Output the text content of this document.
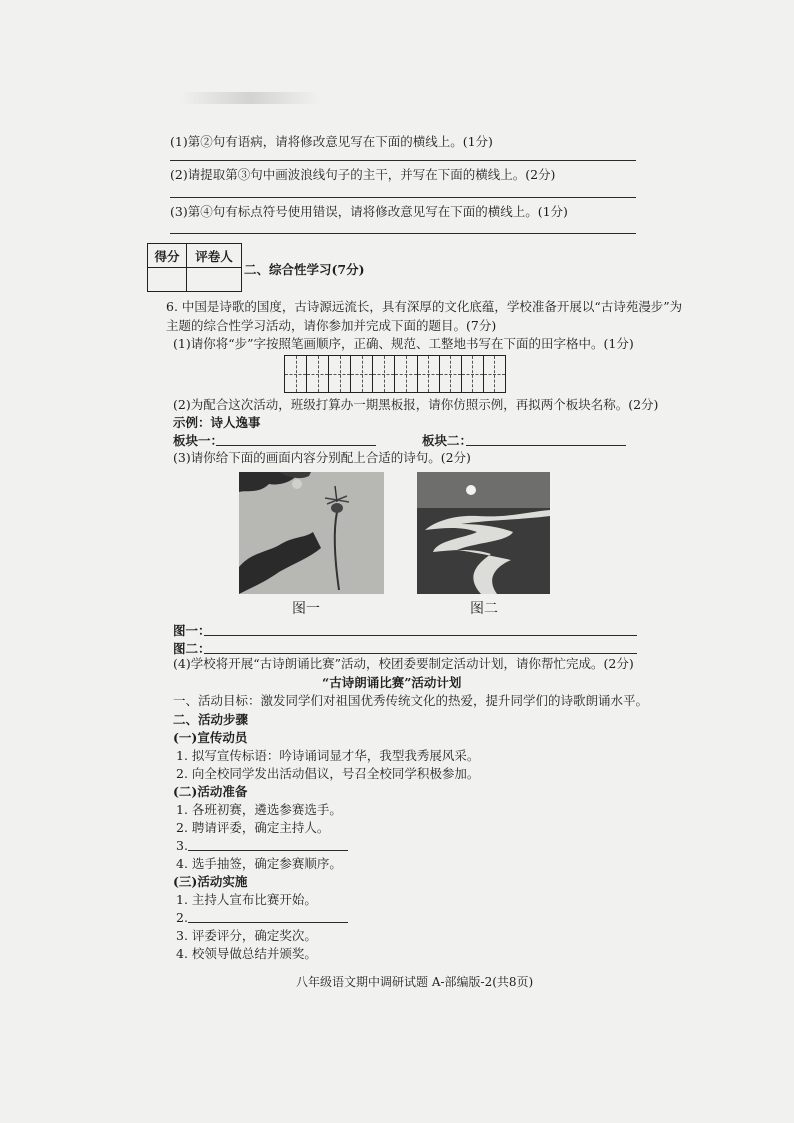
(1)第②句有语病，请将修改意见写在下面的横线上。(1分)
(2)请提取第③句中画波浪线句子的主干，并写在下面的横线上。(2分)
(3)第④句有标点符号使用错误，请将修改意见写在下面的横线上。(1分)
得分	评卷人

二、综合性学习(7分)
6. 中国是诗歌的国度，古诗源远流长，具有深厚的文化底蕴，学校准备开展以“古诗苑漫步”为
主题的综合性学习活动，请你参加并完成下面的题目。(7分)
(1)请你将“步”字按照笔画顺序，正确、规范、工整地书写在下面的田字格中。(1分)
(2)为配合这次活动，班级打算办一期黑板报，请你仿照示例，再拟两个板块名称。(2分)
示例：诗人逸事
板块一：	板块二：
(3)请你给下面的画面内容分别配上合适的诗句。(2分)
图一	图二
图一：
图二：
(4)学校将开展“古诗朗诵比赛”活动，校团委要制定活动计划，请你帮忙完成。(2分)
“古诗朗诵比赛”活动计划
一、活动目标：激发同学们对祖国优秀传统文化的热爱，提升同学们的诗歌朗诵水平。
二、活动步骤
(一)宣传动员
1. 拟写宣传标语：吟诗诵词显才华，我型我秀展风采。
2. 向全校同学发出活动倡议，号召全校同学积极参加。
(二)活动准备
1. 各班初赛，遴选参赛选手。
2. 聘请评委，确定主持人。
3.
4. 选手抽签，确定参赛顺序。
(三)活动实施
1. 主持人宣布比赛开始。
2.
3. 评委评分，确定奖次。
4. 校领导做总结并颁奖。
八年级语文期中调研试题 A-部编版-2(共8页)
